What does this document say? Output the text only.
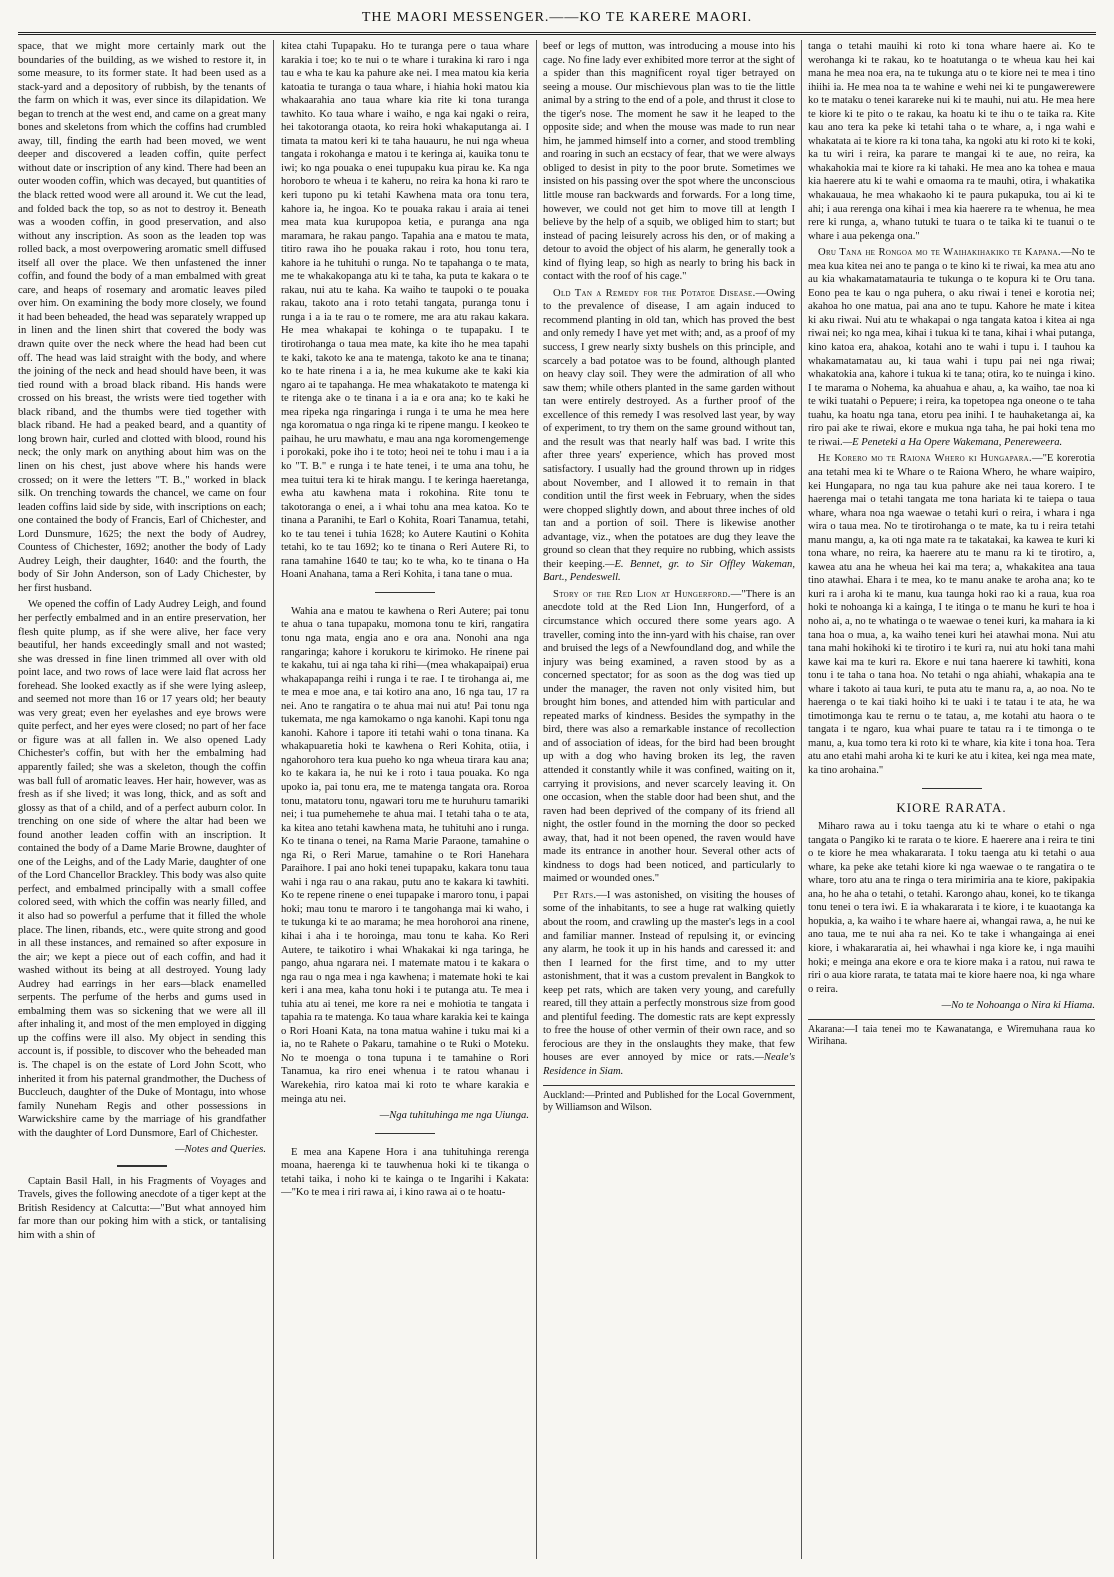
THE MAORI MESSENGER.——KO TE KARERE MAORI.

space, that we might more certainly mark out the boundaries of the building, as we wished to restore it, in some measure, to its former state. It had been used as a stack-yard and a depository of rubbish, by the tenants of the farm on which it was, ever since its dilapidation. We began to trench at the west end, and came on a great many bones and skeletons from which the coffins had crumbled away, till, finding the earth had been moved, we went deeper and discovered a leaden coffin, quite perfect without date or inscription of any kind. There had been an outer wooden coffin, which was decayed, but quantities of the black retted wood were all around it. We cut the lead, and folded back the top, so as not to destroy it. Beneath was a wooden coffin, in good preservation, and also without any inscription. As soon as the leaden top was rolled back, a most overpowering aromatic smell diffused itself all over the place. We then unfastened the inner coffin, and found the body of a man embalmed with great care, and heaps of rosemary and aromatic leaves piled over him. On examining the body more closely, we found it had been beheaded, the head was separately wrapped up in linen and the linen shirt that covered the body was drawn quite over the neck where the head had been cut off. The head was laid straight with the body, and where the joining of the neck and head should have been, it was tied round with a broad black riband. His hands were crossed on his breast, the wrists were tied together with black riband, and the thumbs were tied together with black riband. He had a peaked beard, and a quantity of long brown hair, curled and clotted with blood, round his neck; the only mark on anything about him was on the linen on his chest, just above where his hands were crossed; on it were the letters "T. B.," worked in black silk. On trenching towards the chancel, we came on four leaden coffins laid side by side, with inscriptions on each; one contained the body of Francis, Earl of Chichester, and Lord Dunsmure, 1625; the next the body of Audrey, Countess of Chichester, 1692; another the body of Lady Audrey Leigh, their daughter, 1640: and the fourth, the body of Sir John Anderson, son of Lady Chichester, by her first husband.

We opened the coffin of Lady Audrey Leigh, and found her perfectly embalmed and in an entire preservation, her flesh quite plump, as if she were alive, her face very beautiful, her hands exceedingly small and not wasted; she was dressed in fine linen trimmed all over with old point lace, and two rows of lace were laid flat across her forehead. She looked exactly as if she were lying asleep, and seemed not more than 16 or 17 years old; her beauty was very great; even her eyelashes and eye brows were quite perfect, and her eyes were closed; no part of her face or figure was at all fallen in. We also opened Lady Chichester's coffin, but with her the embalming had apparently failed; she was a skeleton, though the coffin was ball full of aromatic leaves. Her hair, however, was as fresh as if she lived; it was long, thick, and as soft and glossy as that of a child, and of a perfect auburn color. In trenching on one side of where the altar had been we found another leaden coffin with an inscription. It contained the body of a Dame Marie Browne, daughter of one of the Leighs, and of the Lady Marie, daughter of one of the Lord Chancellor Brackley. This body was also quite perfect, and embalmed principally with a small coffee colored seed, with which the coffin was nearly filled, and it also had so powerful a perfume that it filled the whole place. The linen, ribands, etc., were quite strong and good in all these instances, and remained so after exposure in the air; we kept a piece out of each coffin, and had it washed without its being at all destroyed. Young lady Audrey had earrings in her ears—black enamelled serpents. The perfume of the herbs and gums used in embalming them was so sickening that we were all ill after inhaling it, and most of the men employed in digging up the coffins were ill also. My object in sending this account is, if possible, to discover who the beheaded man is. The chapel is on the estate of Lord John Scott, who inherited it from his paternal grandmother, the Duchess of Buccleuch, daughter of the Duke of Montagu, into whose family Nuneham Regis and other possessions in Warwickshire came by the marriage of his grandfather with the daughter of Lord Dunsmore, Earl of Chichester.

—Notes and Queries.

Captain Basil Hall, in his Fragments of Voyages and Travels, gives the following anecdote of a tiger kept at the British Residency at Calcutta:—"But what annoyed him far more than our poking him with a stick, or tantalising him with a shin of

kitea ctahi Tupapaku. Ho te turanga pere o taua whare karakia i toe; ko te nui o te whare i turakina ki raro i nga tau e wha te kau ka pahure ake nei. I mea matou kia keria katoatia te turanga o taua whare, i hiahia hoki matou kia whakaarahia ano taua whare kia rite ki tona turanga tawhito. Ko taua whare i waiho, e nga kai ngaki o reira, hei takotoranga otaota, ko reira hoki whakaputanga ai. I timata ta matou keri ki te taha hauauru, he nui nga wheua tangata i rokohanga e matou i te keringa ai, kauika tonu te iwi; ko nga pouaka o enei tupupaku kua pirau ke. Ka nga horoboro te wheua i te kaheru, no reira ka hona ki raro te keri tupono pu ki tetahi Kawhena mata ora tonu tera, kahore ia, he ingoa. Ko te pouaka rakau i araia ai tenei mea mata kua kurupopoa ketia, e puranga ana nga maramara, he rakau pango. Tapahia ana e matou te mata, titiro rawa iho he pouaka rakau i roto, hou tonu tera, kahore ia he tuhituhi o runga. No te tapahanga o te mata, me te whakakopanga atu ki te taha, ka puta te kakara o te rakau, nui atu te kaha. Ka waiho te taupoki o te pouaka rakau, takoto ana i roto tetahi tangata, puranga tonu i runga i a ia te rau o te romere, me ara atu rakau kakara. He mea whakapai te kohinga o te tupapaku. I te tirotirohanga o taua mea mate, ka kite iho he mea tapahi te kaki, takoto ke ana te matenga, takoto ke ana te tinana; ko te hate rinena i a ia, he mea kukume ake te kaki kia ngaro ai te tapahanga. He mea whakatakoto te matenga ki te ritenga ake o te tinana i a ia e ora ana; ko te kaki he mea ripeka nga ringaringa i runga i te uma he mea here nga koromatua o nga ringa ki te ripene mangu. I keokeo te paihau, he uru mawhatu, e mau ana nga koromengemenge i porokaki, poke iho i te toto; heoi nei te tohu i mau i a ia ko "T. B." e runga i te hate tenei, i te uma ana tohu, he mea tuitui tera ki te hirak mangu. I te keringa haeretanga, ewha atu kawhena mata i rokohina. Rite tonu te takotoranga o enei, a i whai tohu ana mea katoa. Ko te tinana a Paranihi, te Earl o Kohita, Roari Tanamua, tetahi, ko te tau tenei i tuhia 1628; ko Autere Kautini o Kohita tetahi, ko te tau 1692; ko te tinana o Reri Autere Ri, to rana tamahine 1640 te tau; ko te wha, ko te tinana o Ha Hoani Anahana, tama a Reri Kohita, i tana tane o mua.

Wahia ana e matou te kawhena o Reri Autere; pai tonu te ahua o tana tupapaku, momona tonu te kiri, rangatira tonu nga mata, engia ano e ora ana. Nonohi ana nga rangaringa; kahore i korukoru te kirimoko. He rinene pai te kakahu, tui ai nga taha ki rihi—(mea whakapaipai) erua whakapapanga reihi i runga i te rae. I te tirohanga ai, me te mea e moe ana, e tai kotiro ana ano, 16 nga tau, 17 ra nei. Ano te rangatira o te ahua mai nui atu! Pai tonu nga tukemata, me nga kamokamo o nga kanohi. Kapi tonu nga kanohi. Kahore i tapore iti tetahi wahi o tona tinana. Ka whakapuaretia hoki te kawhena o Reri Kohita, otiia, i ngahorohoro tera kua pueho ko nga wheua tirara kau ana; ko te kakara ia, he nui ke i roto i taua pouaka. Ko nga upoko ia, pai tonu era, me te matenga tangata ora. Roroa tonu, matatoru tonu, ngawari toru me te huruhuru tamariki nei; i tua pumehemehe te ahua mai. I tetahi taha o te ata, ka kitea ano tetahi kawhena mata, he tuhituhi ano i runga. Ko te tinana o tenei, na Rama Marie Paraone, tamahine o nga Ri, o Reri Marue, tamahine o te Rori Hanehara Paraihore. I pai ano hoki tenei tupapaku, kakara tonu taua wahi i nga rau o ana rakau, putu ano te kakara ki tawhiti. Ko te repene rinene o enei tupapake i maroro tonu, i papai hoki; mau tonu te maroro i te tangohanga mai ki waho, i te tukunga ki te ao marama; he mea horohoroi ana rinene, kihai i aha i te horoinga, mau tonu te kaha. Ko Reri Autere, te taikotiro i whai Whakakai ki nga taringa, he pango, ahua ngarara nei. I matemate matou i te kakara o nga rau o nga mea i nga kawhena; i matemate hoki te kai keri i ana mea, kaha tonu hoki i te putanga atu. Te mea i tuhia atu ai tenei, me kore ra nei e mohiotia te tangata i tapahia ra te matenga. Ko taua whare karakia kei te kainga o Rori Hoani Kata, na tona matua wahine i tuku mai ki a ia, no te Rahete o Pakaru, tamahine o te Ruki o Moteku. No te moenga o tona tupuna i te tamahine o Rori Tanamua, ka riro enei whenua i te ratou whanau i Warekehia, riro katoa mai ki roto te whare karakia e meinga atu nei.

—Nga tuhituhinga me nga Uiunga.

E mea ana Kapene Hora i ana tuhituhinga rerenga moana, haerenga ki te tauwhenua hoki ki te tikanga o tetahi taika, i noho ki te kainga o te Ingarihi i Kakata:—"Ko te mea i riri rawa ai, i kino rawa ai o te hoatu-

beef or legs of mutton, was introducing a mouse into his cage. No fine lady ever exhibited more terror at the sight of a spider than this magnificent royal tiger betrayed on seeing a mouse. Our mischievous plan was to tie the little animal by a string to the end of a pole, and thrust it close to the tiger's nose. The moment he saw it he leaped to the opposite side; and when the mouse was made to run near him, he jammed himself into a corner, and stood trembling and roaring in such an ecstacy of fear, that we were always obliged to desist in pity to the poor brute. Sometimes we insisted on his passing over the spot where the unconscious little mouse ran backwards and forwards. For a long time, however, we could not get him to move till at length I believe by the help of a squib, we obliged him to start; but instead of pacing leisurely across his den, or of making a detour to avoid the object of his alarm, he generally took a kind of flying leap, so high as nearly to bring his back in contact with the roof of his cage."

Old Tan a Remedy for the Potatoe Disease.—Owing to the prevalence of disease, I am again induced to recommend planting in old tan, which has proved the best and only remedy I have yet met with; and, as a proof of my success, I grew nearly sixty bushels on this principle, and scarcely a bad potatoe was to be found, although planted on heavy clay soil. They were the admiration of all who saw them; while others planted in the same garden without tan were entirely destroyed. As a further proof of the excellence of this remedy I was resolved last year, by way of experiment, to try them on the same ground without tan, and the result was that nearly half was bad. I write this after three years' experience, which has proved most satisfactory. I usually had the ground thrown up in ridges about November, and I allowed it to remain in that condition until the first week in February, when the sides were chopped slightly down, and about three inches of old tan and a portion of soil. There is likewise another advantage, viz., when the potatoes are dug they leave the ground so clean that they require no rubbing, which assists their keeping.—E. Bennet, gr. to Sir Offley Wakeman, Bart., Pendeswell.

Story of the Red Lion at Hungerford.—"There is an anecdote told at the Red Lion Inn, Hungerford, of a circumstance which occured there some years ago. A traveller, coming into the inn-yard with his chaise, ran over and bruised the legs of a Newfoundland dog, and while the injury was being examined, a raven stood by as a concerned spectator; for as soon as the dog was tied up under the manager, the raven not only visited him, but brought him bones, and attended him with particular and repeated marks of kindness. Besides the sympathy in the bird, there was also a remarkable instance of recollection and of association of ideas, for the bird had been brought up with a dog who having broken its leg, the raven attended it constantly while it was confined, waiting on it, carrying it provisions, and never scarcely leaving it. On one occasion, when the stable door had been shut, and the raven had been deprived of the company of its friend all night, the ostler found in the morning the door so pecked away, that, had it not been opened, the raven would have made its entrance in another hour. Several other acts of kindness to dogs had been noticed, and particularly to maimed or wounded ones."

Pet Rats.—I was astonished, on visiting the houses of some of the inhabitants, to see a huge rat walking quietly about the room, and crawling up the master's legs in a cool and familiar manner. Instead of repulsing it, or evincing any alarm, he took it up in his hands and caressed it: and then I learned for the first time, and to my utter astonishment, that it was a custom prevalent in Bangkok to keep pet rats, which are taken very young, and carefully reared, till they attain a perfectly monstrous size from good and plentiful feeding. The domestic rats are kept expressly to free the house of other vermin of their own race, and so ferocious are they in the onslaughts they make, that few houses are ever annoyed by mice or rats.—Neale's Residence in Siam.

Auckland:—Printed and Published for the Local Government, by Williamson and Wilson.

tanga o tetahi mauihi ki roto ki tona whare haere ai. Ko te werohanga ki te rakau, ko te hoatutanga o te wheua kau hei kai mana he mea noa era, na te tukunga atu o te kiore nei te mea i tino ihiihi ia. He mea noa ta te wahine e wehi nei ki te pungawerewere ko te mataku o tenei karareke nui ki te mauhi, nui atu. He mea here te kiore ki te pito o te rakau, ka hoatu ki te ihu o te taika ra. Kite kau ano tera ka peke ki tetahi taha o te whare, a, i nga wahi e whakatata ai te kiore ra ki tona taha, ka ngoki atu ki roto ki te koki, ka tu wiri i reira, ka parare te mangai ki te aue, no reira, ka whakahokia mai te kiore ra ki tahaki. He mea ano ka tohea e maua kia haerere atu ki te wahi e omaoma ra te mauhi, otira, i whakatika whakauaua, he mea whakaoho ki te paura pukapuka, tou ai ki te ahi; i aua rerenga ona kihai i mea kia haerere ra te whenua, he mea rere ki runga, a, whano tutuki te tuara o te taika ki te tuanui o te whare i aua pekenga ona."

Oru Tana he Rongoa mo te Waihakihakiko te Kapana.—No te mea kua kitea nei ano te panga o te kino ki te riwai, ka mea atu ano au kia whakamatamatauria te tukunga o te kopura ki te Oru tana. Eono pea te kau o nga puhera, o aku riwai i tenei e korotia nei; akahoa ho one matua, pai ana ano te tupu. Kahore he mate i kitea ki aku riwai. Nui atu te whakapai o nga tangata katoa i kitea ai nga riwai nei; ko nga mea, kihai i tukua ki te tana, kihai i whai putanga, kino katoa era, ahakoa, kotahi ano te wahi i tupu i. I tauhou ka whakamatamatau au, ki taua wahi i tupu pai nei nga riwai; whakatokia ana, kahore i tukua ki te tana; otira, ko te nuinga i kino. I te marama o Nohema, ka ahuahua e ahau, a, ka waiho, tae noa ki te wiki tuatahi o Pepuere; i reira, ka topetopea nga oneone o te taha tuahu, ka hoatu nga tana, etoru pea inihi. I te hauhaketanga ai, ka riro pai ake te riwai, ekore e mukua nga taha, he pai hoki tena mo te riwai.—E Peneteki a Ha Opere Wakemana, Penereweera.

He Korero mo te Raiona Whero ki Hungapara.—"E korerotia ana tetahi mea ki te Whare o te Raiona Whero, he whare waipiro, kei Hungapara, no nga tau kua pahure ake nei taua korero. I te haerenga mai o tetahi tangata me tona hariata ki te taiepa o taua whare, whara noa nga waewae o tetahi kuri o reira, i whara i nga wira o taua mea. No te tirotirohanga o te mate, ka tu i reira tetahi manu mangu, a, ka oti nga mate ra te takatakai, ka kawea te kuri ki tona whare, no reira, ka haerere atu te manu ra ki te tirotiro, a, kawea atu ana he wheua hei kai ma tera; a, whakakitea ana taua tino atawhai. Ehara i te mea, ko te manu anake te aroha ana; ko te kuri ra i aroha ki te manu, kua taunga hoki rao ki a raua, kua roa hoki te nohoanga ki a kainga, I te itinga o te manu he kuri te hoa i noho ai, a, no te whatinga o te waewae o tenei kuri, ka mahara ia ki tana hoa o mua, a, ka waiho tenei kuri hei atawhai mona. Nui atu tana mahi hokihoki ki te tirotiro i te kuri ra, nui atu hoki tana mahi kawe kai ma te kuri ra. Ekore e nui tana haerere ki tawhiti, kona tonu i te taha o tana hoa. No tetahi o nga ahiahi, whakapia ana te whare i takoto ai taua kuri, te puta atu te manu ra, a, ao noa. No te haerenga o te kai tiaki hoiho ki te uaki i te tatau i te ata, he wa timotimonga kau te rernu o te tatau, a, me kotahi atu haora o te tangata i te ngaro, kua whai puare te tatau ra i te timonga o te manu, a, kua tomo tera ki roto ki te whare, kia kite i tona hoa. Tera atu ano etahi mahi aroha ki te kuri ke atu i kitea, kei nga mea mate, ka tino arohaina."

KIORE RARATA.

Miharo rawa au i toku taenga atu ki te whare o etahi o nga tangata o Pangiko ki te rarata o te kiore. E haerere ana i reira te tini o te kiore he mea whakararata. I toku taenga atu ki tetahi o aua whare, ka peke ake tetahi kiore ki nga waewae o te rangatira o te whare, toro atu ana te ringa o tera mirimiria ana te kiore, pakipakia ana, ho he aha o tetahi, o tetahi. Karongo ahau, konei, ko te tikanga tonu tenei o tera iwi. E ia whakararata i te kiore, i te kuaotanga ka hopukia, a, ka waiho i te whare haere ai, whangai rawa, a, he nui ke ano taua, me te nui aha ra nei. Ko te take i whangainga ai enei kiore, i whakararatia ai, hei whawhai i nga kiore ke, i nga mauihi hoki; e meinga ana ekore e ora te kiore maka i a ratou, nui rawa te riri o aua kiore rarata, te tatata mai te kiore haere noa, ki nga whare o reira.

—No te Nohoanga o Nira ki Hiama.

Akarana:—I taia tenei mo te Kawanatanga, e Wiremuhana raua ko Wirihana.
